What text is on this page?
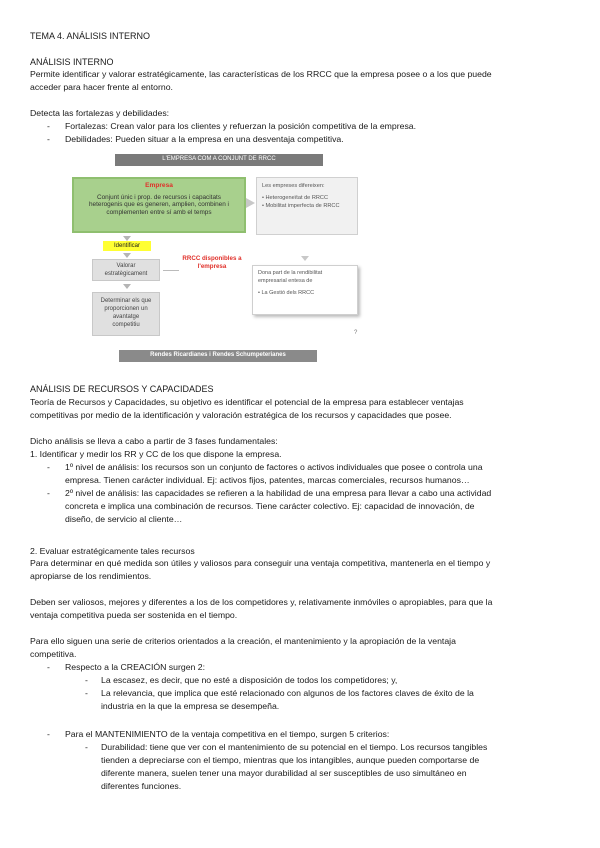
TEMA 4. ANÁLISIS INTERNO

ANÁLISIS INTERNO

Permite identificar y valorar estratégicamente, las características de los RRCC que la empresa posee o a los que puede

acceder para hacer frente al entorno.

Detecta las fortalezas y debilidades:

- Fortalezas: Crean valor para los clientes y refuerzan la posición competitiva de la empresa.
- Debilidades: Pueden situar a la empresa en una desventaja competitiva.
L'EMPRESA COM A CONJUNT DE RRCC
Empresa
Conjunt únic i prop. de recursos i capacitats
heterogenis que es generen, amplien, combinen i
complementen entre sí amb el temps
Les empreses difereixen:
• Heterogeneïtat de RRCC
• Mobilitat imperfecta de RRCC
Identificar
Valorar
estratègicament
RRCC disponibles a
l'empresa
Dona part de la rendibilitat
empresarial entesa de
• La Gestió dels RRCC
Determinar els que
proporcionen un
avantatge
competitiu
?
Rendes Ricardianes i Rendes Schumpeterianes

ANÁLISIS DE RECURSOS Y CAPACIDADES

Teoría de Recursos y Capacidades, su objetivo es identificar el potencial de la empresa para establecer ventajas

competitivas por medio de la identificación y valoración estratégica de los recursos y capacidades que posee.

Dicho análisis se lleva a cabo a partir de 3 fases fundamentales:

1. Identificar y medir los RR y CC de los que dispone la empresa.

- 1º nivel de análisis: los recursos son un conjunto de factores o activos individuales que posee o controla una
empresa. Tienen carácter individual. Ej: activos fijos, patentes, marcas comerciales, recursos humanos…
- 2º nivel de análisis: las capacidades se refieren a la habilidad de una empresa para llevar a cabo una actividad
concreta e implica una combinación de recursos. Tiene carácter colectivo. Ej: capacidad de innovación, de
diseño, de servicio al cliente…

2. Evaluar estratégicamente tales recursos

Para determinar en qué medida son útiles y valiosos para conseguir una ventaja competitiva, mantenerla en el tiempo y

apropiarse de los rendimientos.

Deben ser valiosos, mejores y diferentes a los de los competidores y, relativamente inmóviles o apropiables, para que la

ventaja competitiva pueda ser sostenida en el tiempo.

Para ello siguen una serie de criterios orientados a la creación, el mantenimiento y la apropiación de la ventaja

competitiva.

- Respecto a la CREACIÓN surgen 2:
- La escasez, es decir, que no esté a disposición de todos los competidores; y,
- La relevancia, que implica que esté relacionado con algunos de los factores claves de éxito de la
industria en la que la empresa se desempeña.
- Para el MANTENIMIENTO de la ventaja competitiva en el tiempo, surgen 5 criterios:
- Durabilidad: tiene que ver con el mantenimiento de su potencial en el tiempo. Los recursos tangibles
tienden a depreciarse con el tiempo, mientras que los intangibles, aunque pueden comportarse de
diferente manera, suelen tener una mayor durabilidad al ser susceptibles de uso simultáneo en
diferentes funciones.
